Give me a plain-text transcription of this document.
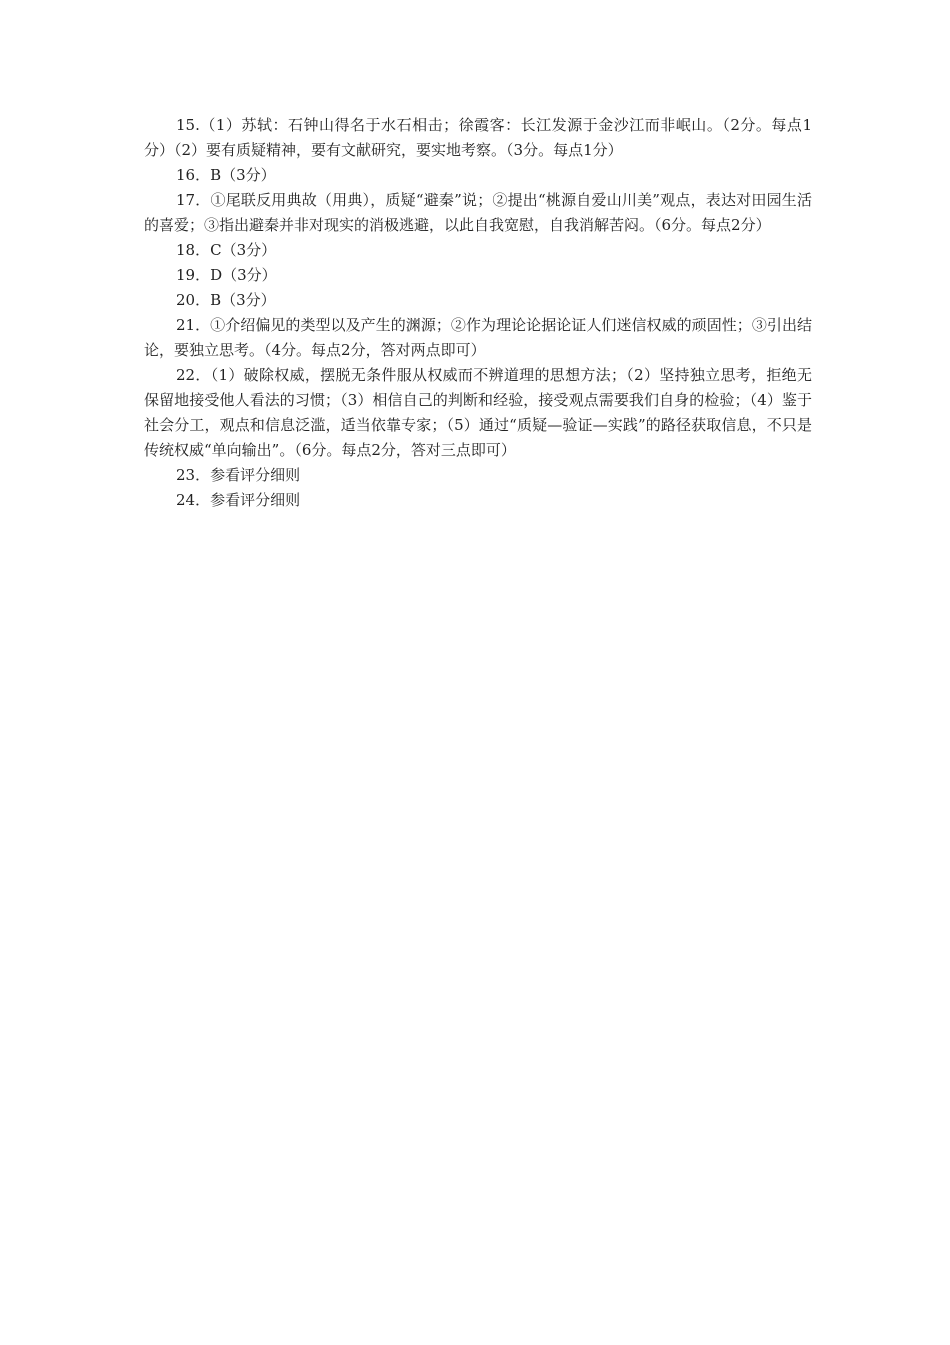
15.（1）苏轼：石钟山得名于水石相击；徐霞客：长江发源于金沙江而非岷山。（2分。每点1分）（2）要有质疑精神，要有文献研究，要实地考察。（3分。每点1分）

16．B（3分）

17．①尾联反用典故（用典），质疑“避秦”说；②提出“桃源自爱山川美”观点，表达对田园生活的喜爱；③指出避秦并非对现实的消极逃避，以此自我宽慰，自我消解苦闷。（6分。每点2分）

18．C（3分）

19．D（3分）

20．B（3分）

21．①介绍偏见的类型以及产生的渊源；②作为理论论据论证人们迷信权威的顽固性；③引出结论，要独立思考。（4分。每点2分，答对两点即可）

22．（1）破除权威，摆脱无条件服从权威而不辨道理的思想方法；（2）坚持独立思考，拒绝无保留地接受他人看法的习惯；（3）相信自己的判断和经验，接受观点需要我们自身的检验；（4）鉴于社会分工，观点和信息泛滥，适当依靠专家；（5）通过“质疑—验证—实践”的路径获取信息，不只是传统权威“单向输出”。（6分。每点2分，答对三点即可）

23．参看评分细则

24．参看评分细则
